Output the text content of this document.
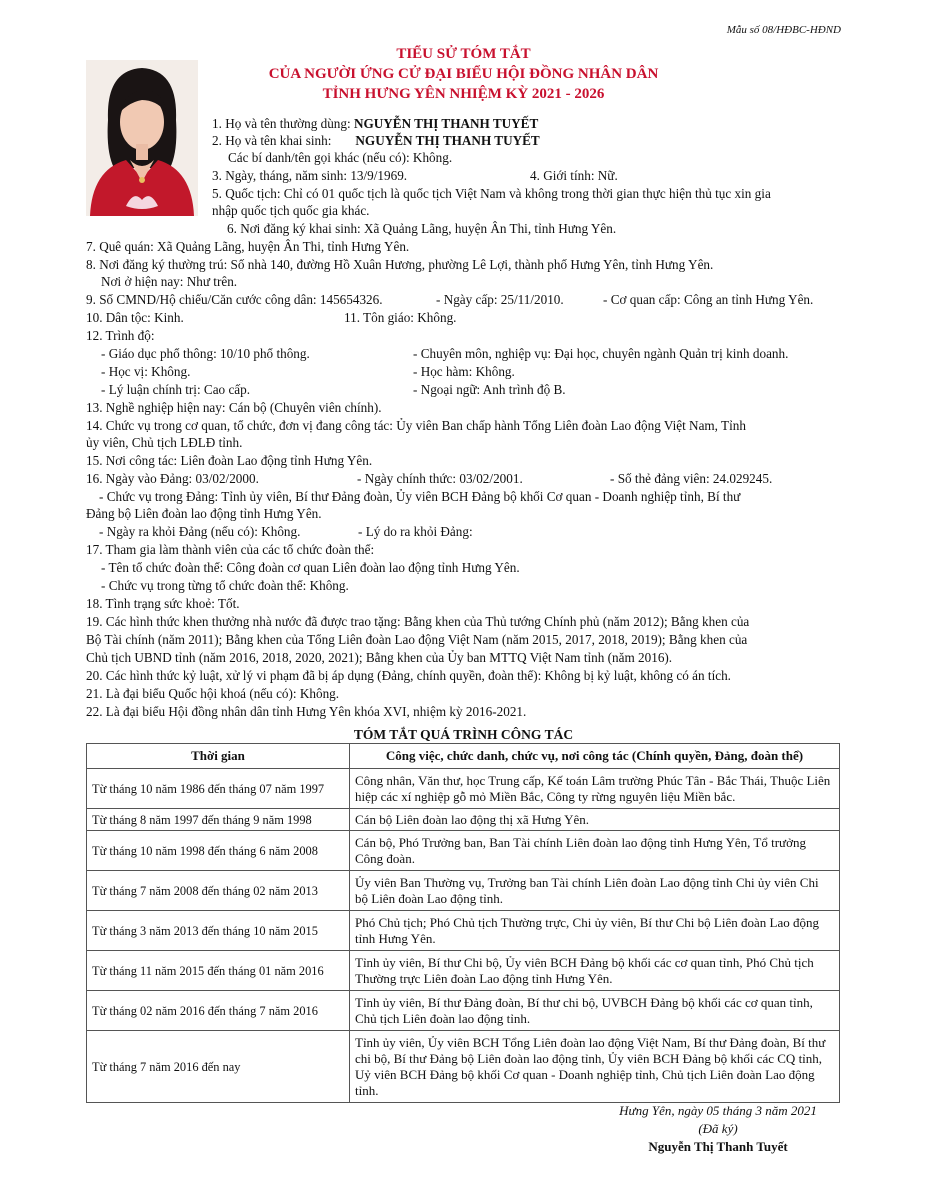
Mẫu số 08/HĐBC-HĐND
TIỂU SỬ TÓM TẮT
CỦA NGƯỜI ỨNG CỬ ĐẠI BIỂU HỘI ĐỒNG NHÂN DÂN
TỈNH HƯNG YÊN NHIỆM KỲ 2021 - 2026
1. Họ và tên thường dùng: NGUYỄN THỊ THANH TUYẾT
2. Họ và tên khai sinh: NGUYỄN THỊ THANH TUYẾT
Các bí danh/tên gọi khác (nếu có): Không.
3. Ngày, tháng, năm sinh: 13/9/1969.	4. Giới tính: Nữ.
5. Quốc tịch: Chỉ có 01 quốc tịch là quốc tịch Việt Nam và không trong thời gian thực hiện thủ tục xin gia
nhập quốc tịch quốc gia khác.
6. Nơi đăng ký khai sinh: Xã Quảng Lãng, huyện Ân Thi, tỉnh Hưng Yên.
7. Quê quán: Xã Quảng Lãng, huyện Ân Thi, tỉnh Hưng Yên.
8. Nơi đăng ký thường trú: Số nhà 140, đường Hồ Xuân Hương, phường Lê Lợi, thành phố Hưng Yên, tỉnh Hưng Yên.
Nơi ở hiện nay: Như trên.
9. Số CMND/Hộ chiếu/Căn cước công dân: 145654326.	- Ngày cấp: 25/11/2010.	- Cơ quan cấp: Công an tỉnh Hưng Yên.
10. Dân tộc: Kinh.	11. Tôn giáo: Không.
12. Trình độ:
- Giáo dục phổ thông: 10/10 phổ thông.	- Chuyên môn, nghiệp vụ: Đại học, chuyên ngành Quản trị kinh doanh.
- Học vị: Không.	- Học hàm: Không.
- Lý luận chính trị: Cao cấp.	- Ngoại ngữ: Anh trình độ B.
13. Nghề nghiệp hiện nay: Cán bộ (Chuyên viên chính).
14. Chức vụ trong cơ quan, tổ chức, đơn vị đang công tác: Ủy viên Ban chấp hành Tổng Liên đoàn Lao động Việt Nam, Tỉnh
ủy viên, Chủ tịch LĐLĐ tỉnh.
15. Nơi công tác: Liên đoàn Lao động tỉnh Hưng Yên.
16. Ngày vào Đảng: 03/02/2000.	- Ngày chính thức: 03/02/2001.	- Số thẻ đảng viên: 24.029245.
- Chức vụ trong Đảng: Tỉnh ủy viên, Bí thư Đảng đoàn, Ủy viên BCH Đảng bộ khối Cơ quan - Doanh nghiệp tỉnh, Bí thư
Đảng bộ Liên đoàn lao động tỉnh Hưng Yên.
- Ngày ra khỏi Đảng (nếu có): Không.	- Lý do ra khỏi Đảng:
17. Tham gia làm thành viên của các tổ chức đoàn thể:
- Tên tổ chức đoàn thể: Công đoàn cơ quan Liên đoàn lao động tỉnh Hưng Yên.
- Chức vụ trong từng tổ chức đoàn thể: Không.
18. Tình trạng sức khoẻ: Tốt.
19. Các hình thức khen thưởng nhà nước đã được trao tặng: Bằng khen của Thủ tướng Chính phủ (năm 2012); Bằng khen của
Bộ Tài chính (năm 2011); Bằng khen của Tổng Liên đoàn Lao động Việt Nam (năm 2015, 2017, 2018, 2019); Bằng khen của
Chủ tịch UBND tỉnh (năm 2016, 2018, 2020, 2021); Bằng khen của Ủy ban MTTQ Việt Nam tỉnh (năm 2016).
20. Các hình thức kỷ luật, xử lý vi phạm đã bị áp dụng (Đảng, chính quyền, đoàn thể): Không bị kỷ luật, không có án tích.
21. Là đại biểu Quốc hội khoá (nếu có): Không.
22. Là đại biểu Hội đồng nhân dân tỉnh Hưng Yên khóa XVI, nhiệm kỳ 2016-2021.
TÓM TẮT QUÁ TRÌNH CÔNG TÁC
Thời gian	Công việc, chức danh, chức vụ, nơi công tác (Chính quyền, Đảng, đoàn thể)
Từ tháng 10 năm 1986 đến tháng 07 năm 1997	Công nhân, Văn thư, học Trung cấp, Kế toán Lâm trường Phúc Tân - Bắc Thái, Thuộc Liên hiệp các xí nghiệp gỗ mỏ Miền Bắc, Công ty rừng nguyên liệu Miền bắc.
Từ tháng 8 năm 1997 đến tháng 9 năm 1998	Cán bộ Liên đoàn lao động thị xã Hưng Yên.
Từ tháng 10 năm 1998 đến tháng 6 năm 2008	Cán bộ, Phó Trưởng ban, Ban Tài chính Liên đoàn lao động tỉnh Hưng Yên, Tổ trưởng Công đoàn.
Từ tháng 7 năm 2008 đến tháng 02 năm 2013	Ủy viên Ban Thường vụ, Trưởng ban Tài chính Liên đoàn Lao động tỉnh Chi ủy viên Chi bộ Liên đoàn Lao động tỉnh.
Từ tháng 3 năm 2013 đến tháng 10 năm 2015	Phó Chủ tịch; Phó Chủ tịch Thường trực, Chi ủy viên, Bí thư Chi bộ Liên đoàn Lao động tỉnh Hưng Yên.
Từ tháng 11 năm 2015 đến tháng 01 năm 2016	Tỉnh ủy viên, Bí thư Chi bộ, Ủy viên BCH Đảng bộ khối các cơ quan tỉnh, Phó Chủ tịch Thường trực Liên đoàn Lao động tỉnh Hưng Yên.
Từ tháng 02 năm 2016 đến tháng 7 năm 2016	Tỉnh ủy viên, Bí thư Đảng đoàn, Bí thư chi bộ, UVBCH Đảng bộ khối các cơ quan tỉnh, Chủ tịch Liên đoàn lao động tỉnh.
Từ tháng 7 năm 2016 đến nay	Tỉnh ủy viên, Ủy viên BCH Tổng Liên đoàn lao động Việt Nam, Bí thư Đảng đoàn, Bí thư chi bộ, Bí thư Đảng bộ Liên đoàn lao động tỉnh, Ủy viên BCH Đảng bộ khối các CQ tỉnh, Uỷ viên BCH Đảng bộ khối Cơ quan - Doanh nghiệp tỉnh, Chủ tịch Liên đoàn Lao động tỉnh.
Hưng Yên, ngày 05 tháng 3 năm 2021
(Đã ký)
Nguyễn Thị Thanh Tuyết
